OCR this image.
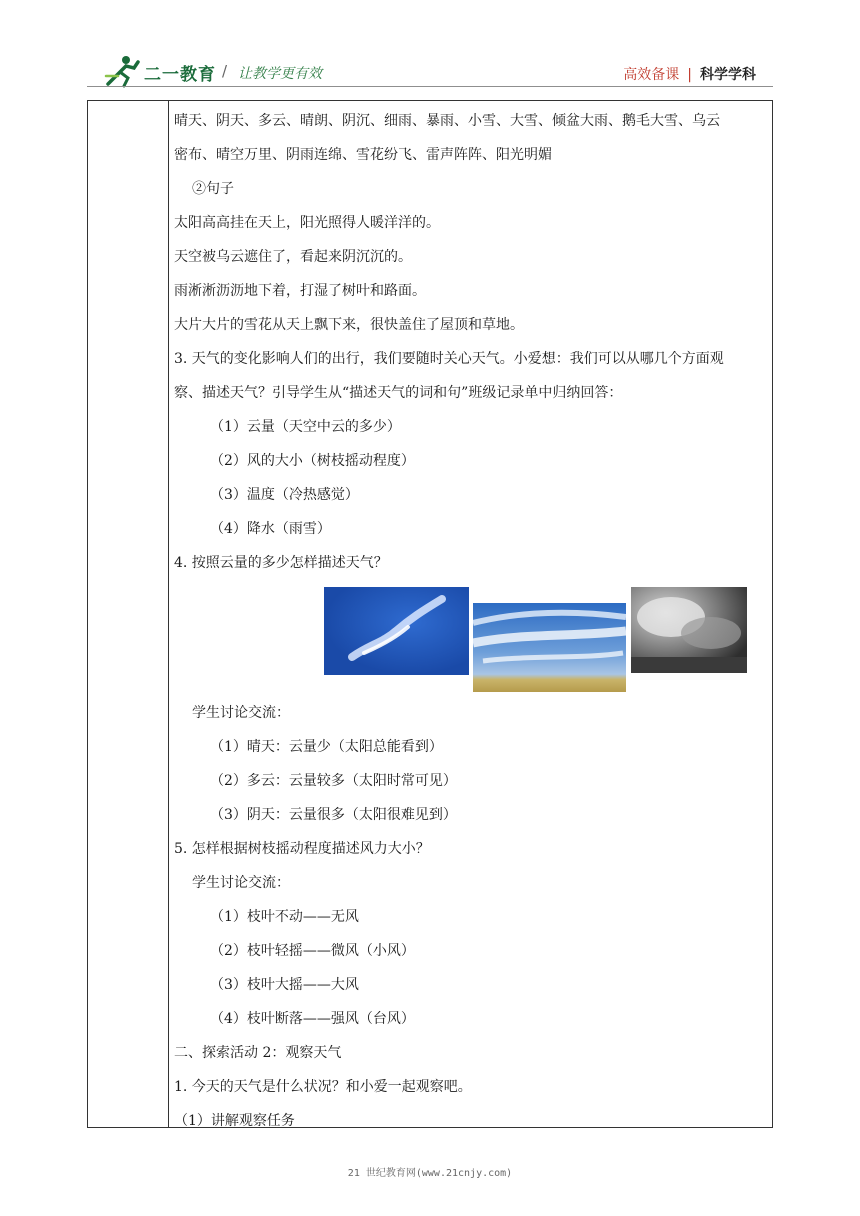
二一教育 / 让教学更有效	高效备课 | 科学学科
晴天、阴天、多云、晴朗、阴沉、细雨、暴雨、小雪、大雪、倾盆大雨、鹅毛大雪、乌云
密布、晴空万里、阴雨连绵、雪花纷飞、雷声阵阵、阳光明媚
②句子
太阳高高挂在天上，阳光照得人暖洋洋的。
天空被乌云遮住了，看起来阴沉沉的。
雨淅淅沥沥地下着，打湿了树叶和路面。
大片大片的雪花从天上飘下来，很快盖住了屋顶和草地。
3. 天气的变化影响人们的出行，我们要随时关心天气。小爱想：我们可以从哪几个方面观
察、描述天气？引导学生从“描述天气的词和句”班级记录单中归纳回答：
（1）云量（天空中云的多少）
（2）风的大小（树枝摇动程度）
（3）温度（冷热感觉）
（4）降水（雨雪）
4. 按照云量的多少怎样描述天气？
学生讨论交流：
（1）晴天：云量少（太阳总能看到）
（2）多云：云量较多（太阳时常可见）
（3）阴天：云量很多（太阳很难见到）
5. 怎样根据树枝摇动程度描述风力大小？
学生讨论交流：
（1）枝叶不动——无风
（2）枝叶轻摇——微风（小风）
（3）枝叶大摇——大风
（4）枝叶断落——强风（台风）
二、探索活动 2：观察天气
1. 今天的天气是什么状况？和小爱一起观察吧。
（1）讲解观察任务
21 世纪教育网(www.21cnjy.com)
